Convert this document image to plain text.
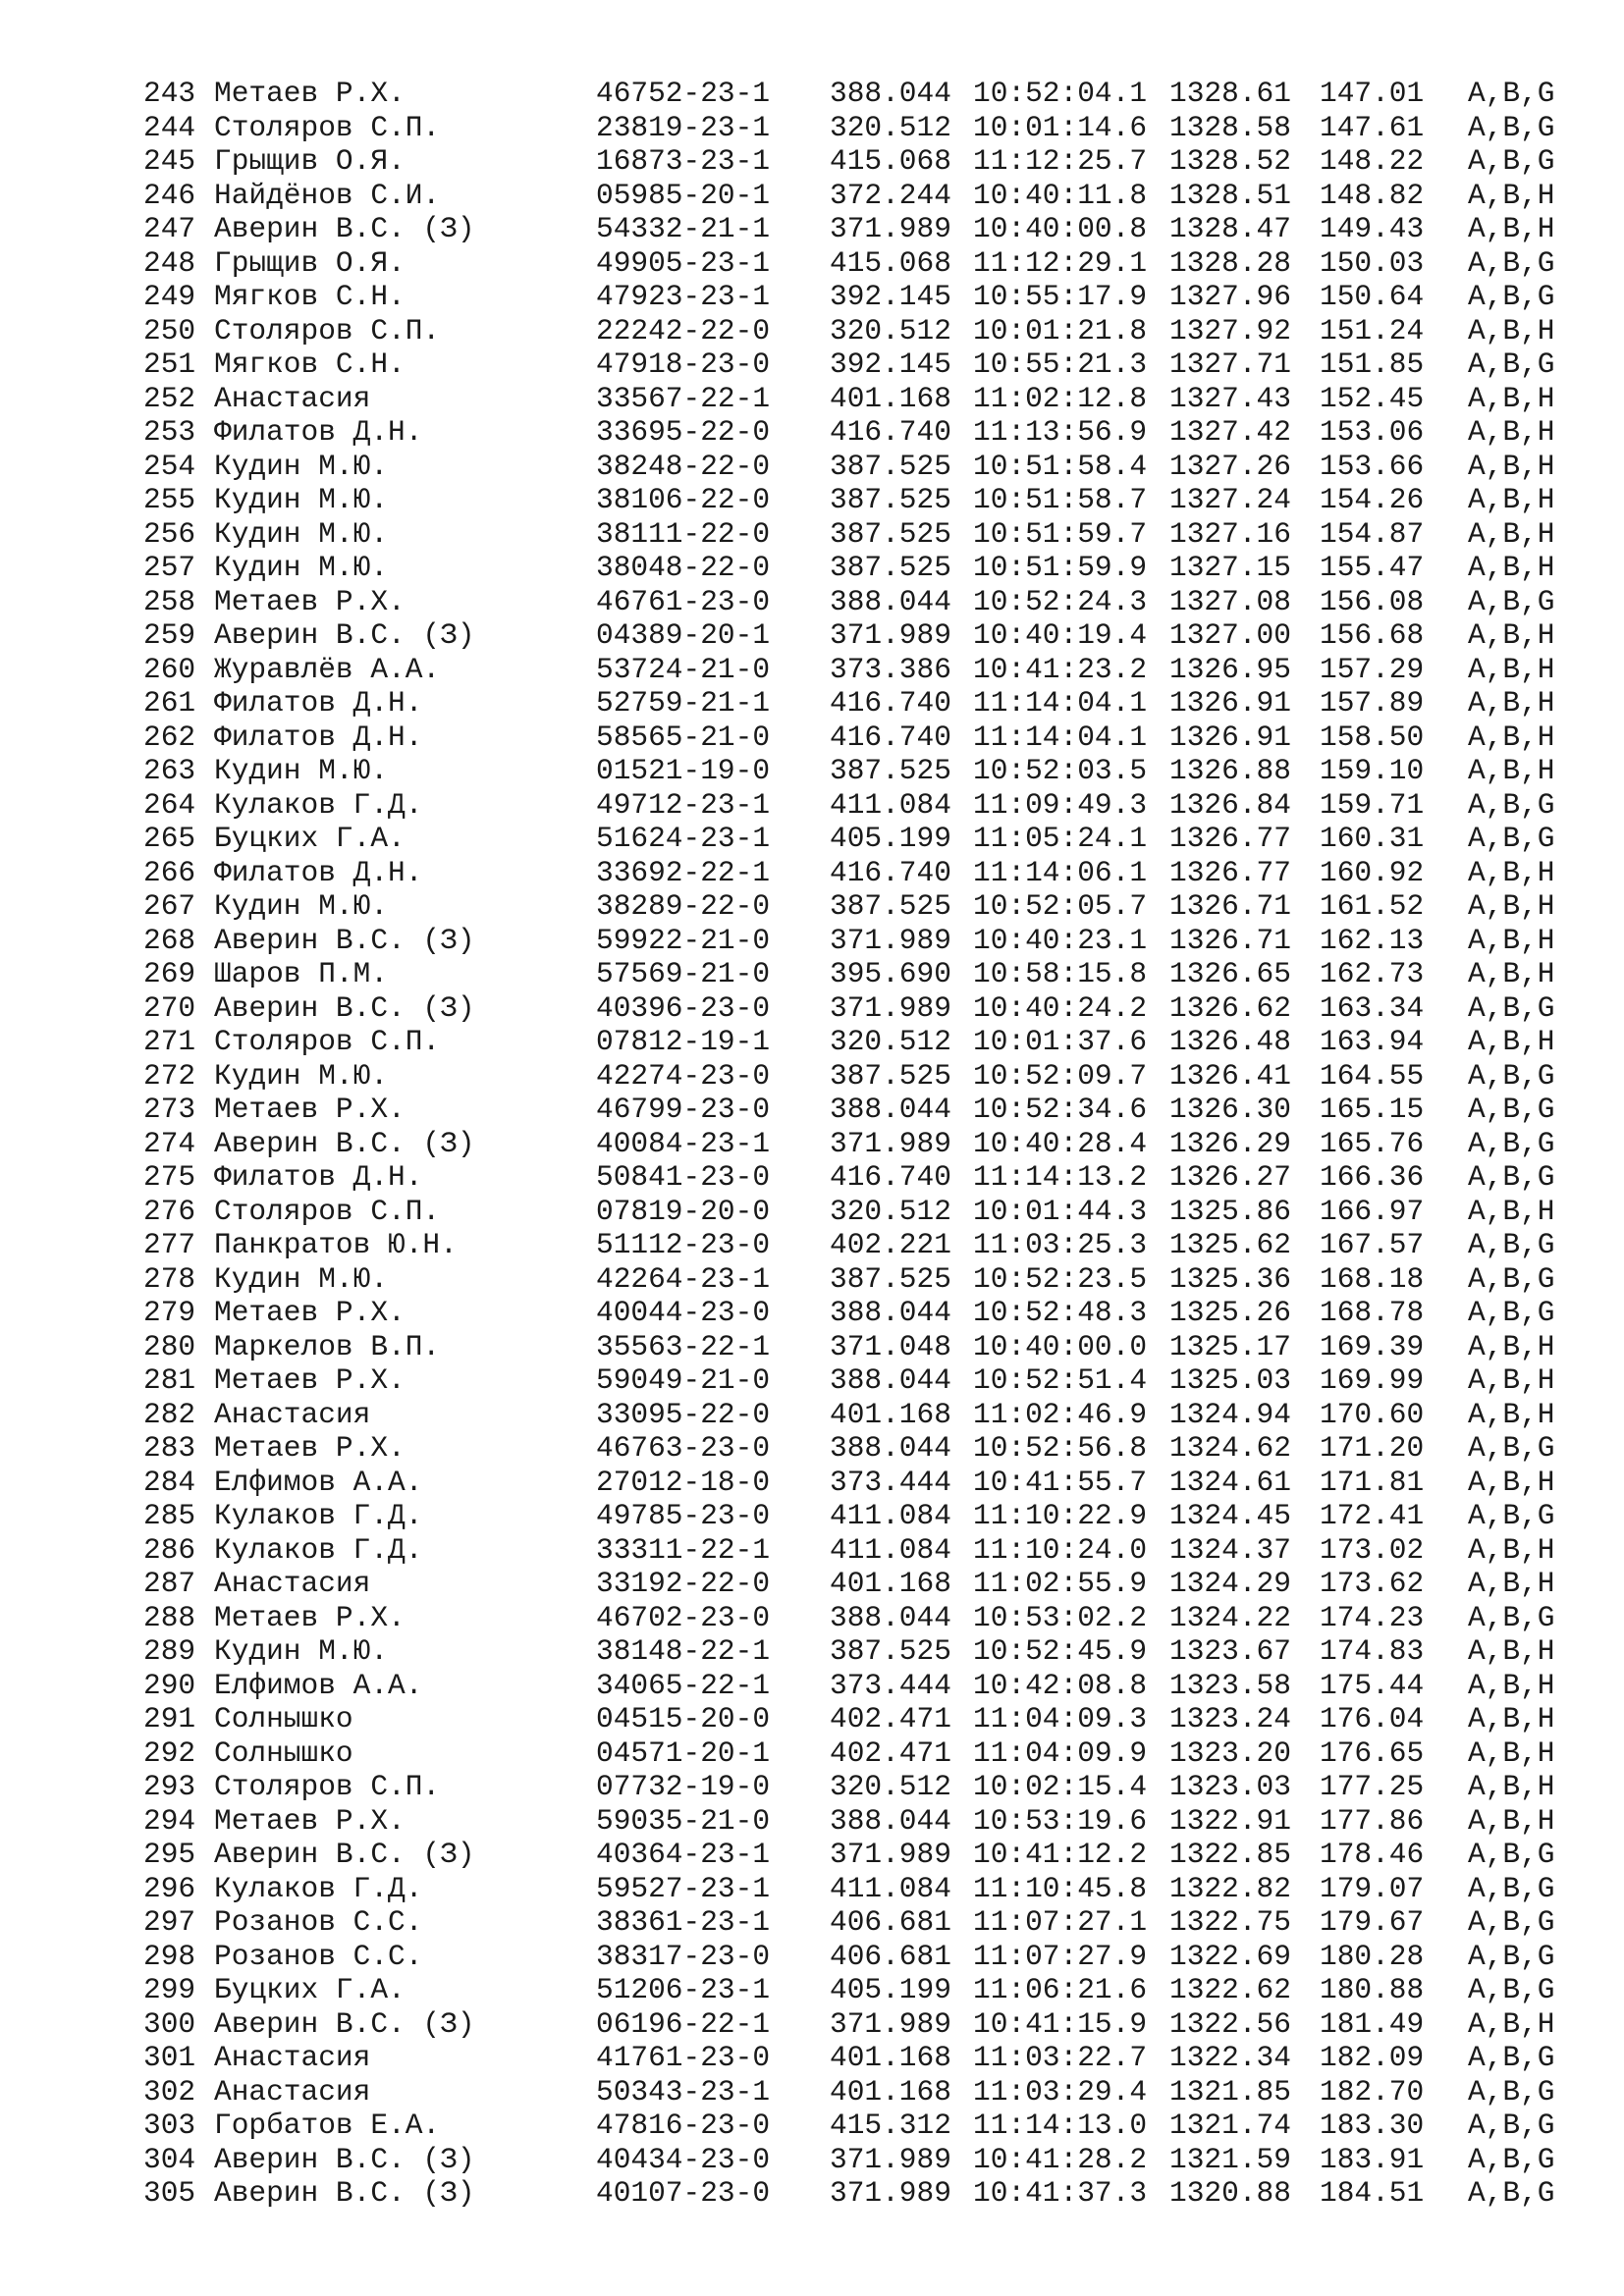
243 Метаев Р.Х.	46752-23-1 388.044 10:52:04.1 1328.61 147.01 A,B,G
244 Столяров С.П.	23819-23-1 320.512 10:01:14.6 1328.58 147.61 A,B,G
245 Грыщив О.Я.	16873-23-1 415.068 11:12:25.7 1328.52 148.22 A,B,G
246 Найдёнов С.И.	05985-20-1 372.244 10:40:11.8 1328.51 148.82 A,B,H
247 Аверин В.С. (З)	54332-21-1 371.989 10:40:00.8 1328.47 149.43 A,B,H
248 Грыщив О.Я.	49905-23-1 415.068 11:12:29.1 1328.28 150.03 A,B,G
249 Мягков С.Н.	47923-23-1 392.145 10:55:17.9 1327.96 150.64 A,B,G
250 Столяров С.П.	22242-22-0 320.512 10:01:21.8 1327.92 151.24 A,B,H
251 Мягков С.Н.	47918-23-0 392.145 10:55:21.3 1327.71 151.85 A,B,G
252 Анастасия	33567-22-1 401.168 11:02:12.8 1327.43 152.45 A,B,H
253 Филатов Д.Н.	33695-22-0 416.740 11:13:56.9 1327.42 153.06 A,B,H
254 Кудин М.Ю.	38248-22-0 387.525 10:51:58.4 1327.26 153.66 A,B,H
255 Кудин М.Ю.	38106-22-0 387.525 10:51:58.7 1327.24 154.26 A,B,H
256 Кудин М.Ю.	38111-22-0 387.525 10:51:59.7 1327.16 154.87 A,B,H
257 Кудин М.Ю.	38048-22-0 387.525 10:51:59.9 1327.15 155.47 A,B,H
258 Метаев Р.Х.	46761-23-0 388.044 10:52:24.3 1327.08 156.08 A,B,G
259 Аверин В.С. (З)	04389-20-1 371.989 10:40:19.4 1327.00 156.68 A,B,H
260 Журавлёв А.А.	53724-21-0 373.386 10:41:23.2 1326.95 157.29 A,B,H
261 Филатов Д.Н.	52759-21-1 416.740 11:14:04.1 1326.91 157.89 A,B,H
262 Филатов Д.Н.	58565-21-0 416.740 11:14:04.1 1326.91 158.50 A,B,H
263 Кудин М.Ю.	01521-19-0 387.525 10:52:03.5 1326.88 159.10 A,B,H
264 Кулаков Г.Д.	49712-23-1 411.084 11:09:49.3 1326.84 159.71 A,B,G
265 Буцких Г.А.	51624-23-1 405.199 11:05:24.1 1326.77 160.31 A,B,G
266 Филатов Д.Н.	33692-22-1 416.740 11:14:06.1 1326.77 160.92 A,B,H
267 Кудин М.Ю.	38289-22-0 387.525 10:52:05.7 1326.71 161.52 A,B,H
268 Аверин В.С. (З)	59922-21-0 371.989 10:40:23.1 1326.71 162.13 A,B,H
269 Шаров П.М.	57569-21-0 395.690 10:58:15.8 1326.65 162.73 A,B,H
270 Аверин В.С. (З)	40396-23-0 371.989 10:40:24.2 1326.62 163.34 A,B,G
271 Столяров С.П.	07812-19-1 320.512 10:01:37.6 1326.48 163.94 A,B,H
272 Кудин М.Ю.	42274-23-0 387.525 10:52:09.7 1326.41 164.55 A,B,G
273 Метаев Р.Х.	46799-23-0 388.044 10:52:34.6 1326.30 165.15 A,B,G
274 Аверин В.С. (З)	40084-23-1 371.989 10:40:28.4 1326.29 165.76 A,B,G
275 Филатов Д.Н.	50841-23-0 416.740 11:14:13.2 1326.27 166.36 A,B,G
276 Столяров С.П.	07819-20-0 320.512 10:01:44.3 1325.86 166.97 A,B,H
277 Панкратов Ю.Н.	51112-23-0 402.221 11:03:25.3 1325.62 167.57 A,B,G
278 Кудин М.Ю.	42264-23-1 387.525 10:52:23.5 1325.36 168.18 A,B,G
279 Метаев Р.Х.	40044-23-0 388.044 10:52:48.3 1325.26 168.78 A,B,G
280 Маркелов В.П.	35563-22-1 371.048 10:40:00.0 1325.17 169.39 A,B,H
281 Метаев Р.Х.	59049-21-0 388.044 10:52:51.4 1325.03 169.99 A,B,H
282 Анастасия	33095-22-0 401.168 11:02:46.9 1324.94 170.60 A,B,H
283 Метаев Р.Х.	46763-23-0 388.044 10:52:56.8 1324.62 171.20 A,B,G
284 Елфимов А.А.	27012-18-0 373.444 10:41:55.7 1324.61 171.81 A,B,H
285 Кулаков Г.Д.	49785-23-0 411.084 11:10:22.9 1324.45 172.41 A,B,G
286 Кулаков Г.Д.	33311-22-1 411.084 11:10:24.0 1324.37 173.02 A,B,H
287 Анастасия	33192-22-0 401.168 11:02:55.9 1324.29 173.62 A,B,H
288 Метаев Р.Х.	46702-23-0 388.044 10:53:02.2 1324.22 174.23 A,B,G
289 Кудин М.Ю.	38148-22-1 387.525 10:52:45.9 1323.67 174.83 A,B,H
290 Елфимов А.А.	34065-22-1 373.444 10:42:08.8 1323.58 175.44 A,B,H
291 Солнышко	04515-20-0 402.471 11:04:09.3 1323.24 176.04 A,B,H
292 Солнышко	04571-20-1 402.471 11:04:09.9 1323.20 176.65 A,B,H
293 Столяров С.П.	07732-19-0 320.512 10:02:15.4 1323.03 177.25 A,B,H
294 Метаев Р.Х.	59035-21-0 388.044 10:53:19.6 1322.91 177.86 A,B,H
295 Аверин В.С. (З)	40364-23-1 371.989 10:41:12.2 1322.85 178.46 A,B,G
296 Кулаков Г.Д.	59527-23-1 411.084 11:10:45.8 1322.82 179.07 A,B,G
297 Розанов С.С.	38361-23-1 406.681 11:07:27.1 1322.75 179.67 A,B,G
298 Розанов С.С.	38317-23-0 406.681 11:07:27.9 1322.69 180.28 A,B,G
299 Буцких Г.А.	51206-23-1 405.199 11:06:21.6 1322.62 180.88 A,B,G
300 Аверин В.С. (З)	06196-22-1 371.989 10:41:15.9 1322.56 181.49 A,B,H
301 Анастасия	41761-23-0 401.168 11:03:22.7 1322.34 182.09 A,B,G
302 Анастасия	50343-23-1 401.168 11:03:29.4 1321.85 182.70 A,B,G
303 Горбатов Е.А.	47816-23-0 415.312 11:14:13.0 1321.74 183.30 A,B,G
304 Аверин В.С. (З)	40434-23-0 371.989 10:41:28.2 1321.59 183.91 A,B,G
305 Аверин В.С. (З)	40107-23-0 371.989 10:41:37.3 1320.88 184.51 A,B,G
